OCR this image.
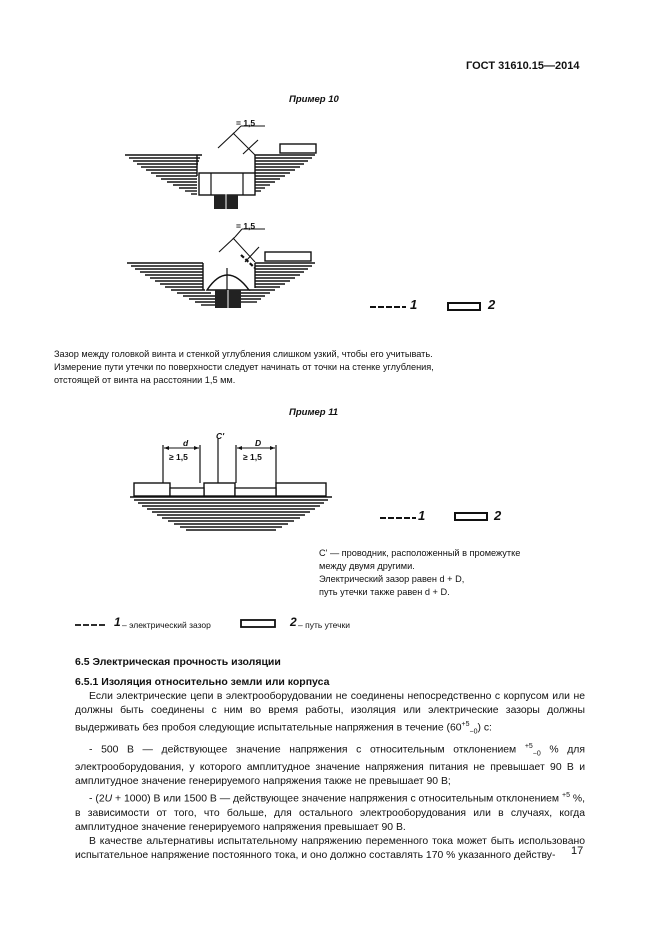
ГОСТ 31610.15—2014
Пример 10
= 1,5
= 1,5
1	2
Зазор между головкой винта и стенкой углубления слишком узкий, чтобы его учитывать.
Измерение пути утечки по поверхности следует начинать от точки на стенке углубления,
отстоящей от винта на расстоянии 1,5 мм.
Пример 11
C'
d	D
≥ 1,5	≥ 1,5
1	2
C' — проводник, расположенный в промежутке
между двумя другими.
Электрический зазор равен d + D,
путь утечки также равен d + D.
1 – электрический зазор	2 – путь утечки
6.5 Электрическая прочность изоляции
6.5.1 Изоляция относительно земли или корпуса
Если электрические цепи в электрооборудовании не соединены непосредственно с корпусом или не должны быть соединены с ним во время работы, изоляция или электрические зазоры должны выдерживать без пробоя следующие испытательные напряжения в течение $(60^{+5}_{-0})$ с:
- 500 В — действующее значение напряжения с относительным отклонением $^{+5}_{-0}$ % для электрооборудования, у которого амплитудное значение напряжения питания не превышает 90 В и амплитудное значение генерируемого напряжения также не превышает 90 В;
- (2U + 1000) В или 1500 В — действующее значение напряжения с относительным отклонением $^{+5}$ %, в зависимости от того, что больше, для остального электрооборудования или в случаях, когда амплитудное значение генерируемого напряжения превышает 90 В.
В качестве альтернативы испытательному напряжению переменного тока может быть использовано испытательное напряжение постоянного тока, и оно должно составлять 170 % указанного действу-	17
